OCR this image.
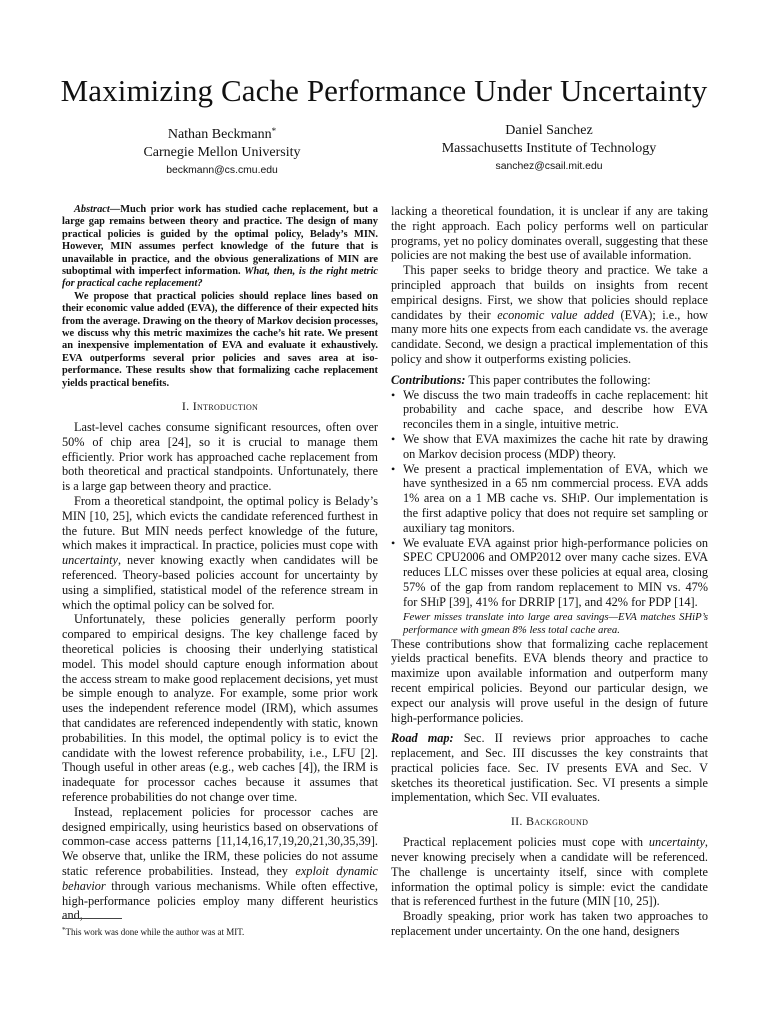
Maximizing Cache Performance Under Uncertainty
Nathan Beckmann*
Carnegie Mellon University
beckmann@cs.cmu.edu
Daniel Sanchez
Massachusetts Institute of Technology
sanchez@csail.mit.edu

Abstract—Much prior work has studied cache replacement, but a large gap remains between theory and practice. The design of many practical policies is guided by the optimal policy, Belady’s MIN. However, MIN assumes perfect knowledge of the future that is unavailable in practice, and the obvious generalizations of MIN are suboptimal with imperfect information. What, then, is the right metric for practical cache replacement?

We propose that practical policies should replace lines based on their economic value added (EVA), the difference of their expected hits from the average. Drawing on the theory of Markov decision processes, we discuss why this metric maximizes the cache’s hit rate. We present an inexpensive implementation of EVA and evaluate it exhaustively. EVA outperforms several prior policies and saves area at iso-performance. These results show that formalizing cache replacement yields practical benefits.

I. Introduction

Last-level caches consume significant resources, often over 50% of chip area [24], so it is crucial to manage them efficiently. Prior work has approached cache replacement from both theoretical and practical standpoints. Unfortunately, there is a large gap between theory and practice.

From a theoretical standpoint, the optimal policy is Belady’s MIN [10, 25], which evicts the candidate referenced furthest in the future. But MIN needs perfect knowledge of the future, which makes it impractical. In practice, policies must cope with uncertainty, never knowing exactly when candidates will be referenced. Theory-based policies account for uncertainty by using a simplified, statistical model of the reference stream in which the optimal policy can be solved for.

Unfortunately, these policies generally perform poorly compared to empirical designs. The key challenge faced by theoretical policies is choosing their underlying statistical model. This model should capture enough information about the access stream to make good replacement decisions, yet must be simple enough to analyze. For example, some prior work uses the independent reference model (IRM), which assumes that candidates are referenced independently with static, known probabilities. In this model, the optimal policy is to evict the candidate with the lowest reference probability, i.e., LFU [2]. Though useful in other areas (e.g., web caches [4]), the IRM is inadequate for processor caches because it assumes that reference probabilities do not change over time.

Instead, replacement policies for processor caches are designed empirically, using heuristics based on observations of common-case access patterns [11,14,16,17,19,20,21,30,35,39]. We observe that, unlike the IRM, these policies do not assume static reference probabilities. Instead, they exploit dynamic behavior through various mechanisms. While often effective, high-performance policies employ many different heuristics and,

*This work was done while the author was at MIT.

lacking a theoretical foundation, it is unclear if any are taking the right approach. Each policy performs well on particular programs, yet no policy dominates overall, suggesting that these policies are not making the best use of available information.

This paper seeks to bridge theory and practice. We take a principled approach that builds on insights from recent empirical designs. First, we show that policies should replace candidates by their economic value added (EVA); i.e., how many more hits one expects from each candidate vs. the average candidate. Second, we design a practical implementation of this policy and show it outperforms existing policies.

Contributions: This paper contributes the following:

• We discuss the two main tradeoffs in cache replacement: hit probability and cache space, and describe how EVA reconciles them in a single, intuitive metric.
• We show that EVA maximizes the cache hit rate by drawing on Markov decision process (MDP) theory.
• We present a practical implementation of EVA, which we have synthesized in a 65 nm commercial process. EVA adds 1% area on a 1 MB cache vs. SHiP. Our implementation is the first adaptive policy that does not require set sampling or auxiliary tag monitors.
• We evaluate EVA against prior high-performance policies on SPEC CPU2006 and OMP2012 over many cache sizes. EVA reduces LLC misses over these policies at equal area, closing 57% of the gap from random replacement to MIN vs. 47% for SHiP [39], 41% for DRRIP [17], and 42% for PDP [14].
Fewer misses translate into large area savings—EVA matches SHiP’s performance with gmean 8% less total cache area.

These contributions show that formalizing cache replacement yields practical benefits. EVA blends theory and practice to maximize upon available information and outperform many recent empirical policies. Beyond our particular design, we expect our analysis will prove useful in the design of future high-performance policies.

Road map: Sec. II reviews prior approaches to cache replacement, and Sec. III discusses the key constraints that practical policies face. Sec. IV presents EVA and Sec. V sketches its theoretical justification. Sec. VI presents a simple implementation, which Sec. VII evaluates.

II. Background

Practical replacement policies must cope with uncertainty, never knowing precisely when a candidate will be referenced. The challenge is uncertainty itself, since with complete information the optimal policy is simple: evict the candidate that is referenced furthest in the future (MIN [10, 25]).

Broadly speaking, prior work has taken two approaches to replacement under uncertainty. On the one hand, designers
